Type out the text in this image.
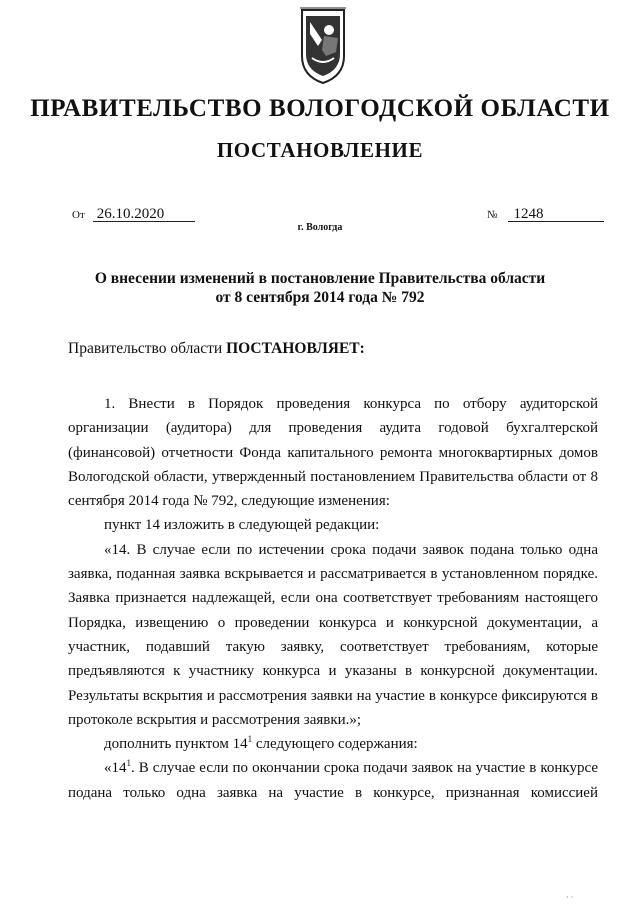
ПРАВИТЕЛЬСТВО ВОЛОГОДСКОЙ ОБЛАСТИ
ПОСТАНОВЛЕНИЕ
От 26.10.2020	№ 1248
г. Вологда
О внесении изменений в постановление Правительства области
от 8 сентября 2014 года № 792
Правительство области ПОСТАНОВЛЯЕТ:

1. Внести в Порядок проведения конкурса по отбору аудиторской организации (аудитора) для проведения аудита годовой бухгалтерской (финансовой) отчетности Фонда капитального ремонта многоквартирных домов Вологодской области, утвержденный постановлением Правительства области от 8 сентября 2014 года № 792, следующие изменения:

пункт 14 изложить в следующей редакции:

«14. В случае если по истечении срока подачи заявок подана только одна заявка, поданная заявка вскрывается и рассматривается в установленном порядке. Заявка признается надлежащей, если она соответствует требованиям настоящего Порядка, извещению о проведении конкурса и конкурсной документации, а участник, подавший такую заявку, соответствует требованиям, которые предъявляются к участнику конкурса и указаны в конкурсной документации. Результаты вскрытия и рассмотрения заявки на участие в конкурсе фиксируются в протоколе вскрытия и рассмотрения заявки.»;

дополнить пунктом $14^1$ следующего содержания:

«$14^1$. В случае если по окончании срока подачи заявок на участие в конкурсе подана только одна заявка на участие в конкурсе, признанная комиссией

· ·
